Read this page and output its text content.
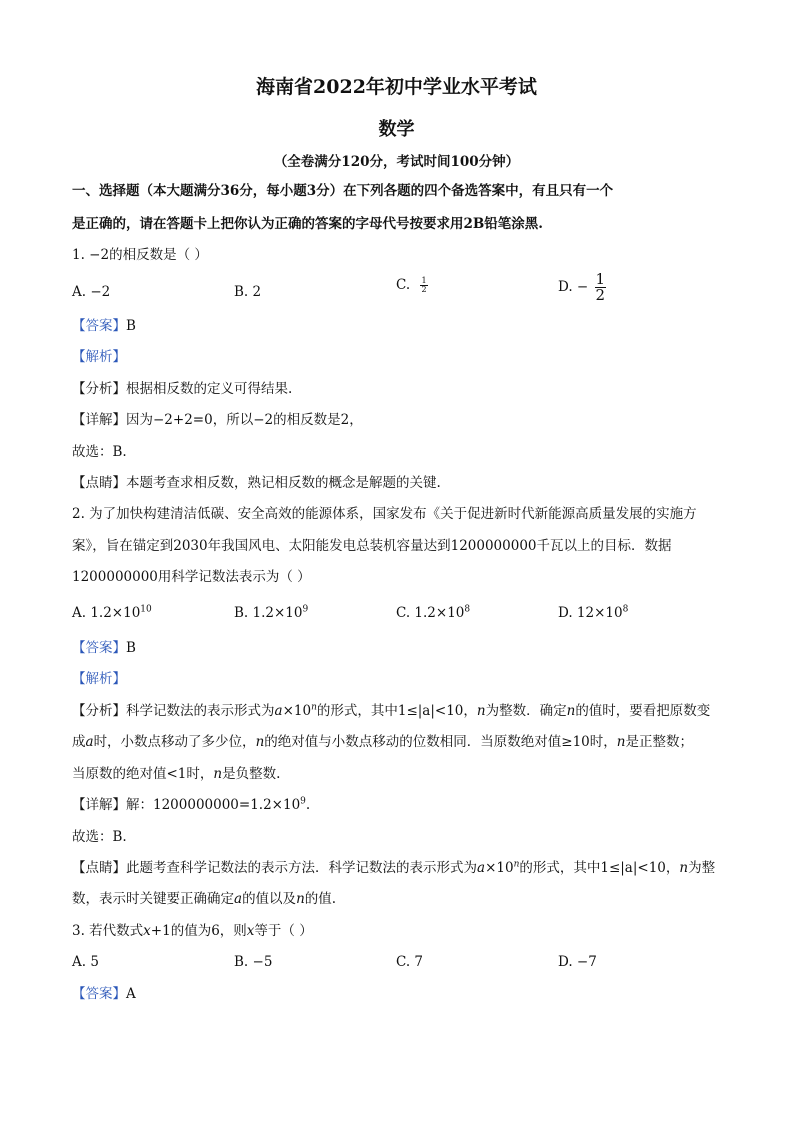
海南省2022年初中学业水平考试
数学
（全卷满分120分，考试时间100分钟）
一、选择题（本大题满分36分，每小题3分）在下列各题的四个备选答案中，有且只有一个
是正确的，请在答题卡上把你认为正确的答案的字母代号按要求用2B铅笔涂黑.
1. −2的相反数是（ ）
A. −2	B. 2	C. $\frac{1}{2}$	D. − $\frac{1}{2}$
【答案】B
【解析】
【分析】根据相反数的定义可得结果.
【详解】因为−2+2=0，所以−2的相反数是2，
故选：B.
【点睛】本题考查求相反数，熟记相反数的概念是解题的关键.
2. 为了加快构建清洁低碳、安全高效的能源体系，国家发布《关于促进新时代新能源高质量发展的实施方
案》，旨在锚定到2030年我国风电、太阳能发电总装机容量达到1200000000千瓦以上的目标．数据
1200000000用科学记数法表示为（ ）
A. $1.2\times 10^{10}$	B. $1.2\times 10^9$	C. $1.2\times 10^8$	D. $12\times 10^8$
【答案】B
【解析】
【分析】科学记数法的表示形式为$a\times 10^n$的形式，其中1≤|a|<10，n为整数．确定n的值时，要看把原数变
成a时，小数点移动了多少位，n的绝对值与小数点移动的位数相同．当原数绝对值≥10时，n是正整数；
当原数的绝对值<1时，n是负整数.
【详解】解：$1200000000=1.2\times 10^9$.
故选：B.
【点睛】此题考查科学记数法的表示方法．科学记数法的表示形式为$a\times 10^n$的形式，其中1≤|a|<10，n为整
数，表示时关键要正确确定a的值以及n的值.
3. 若代数式x+1的值为6，则x等于（ ）
A. 5	B. −5	C. 7	D. −7
【答案】A
